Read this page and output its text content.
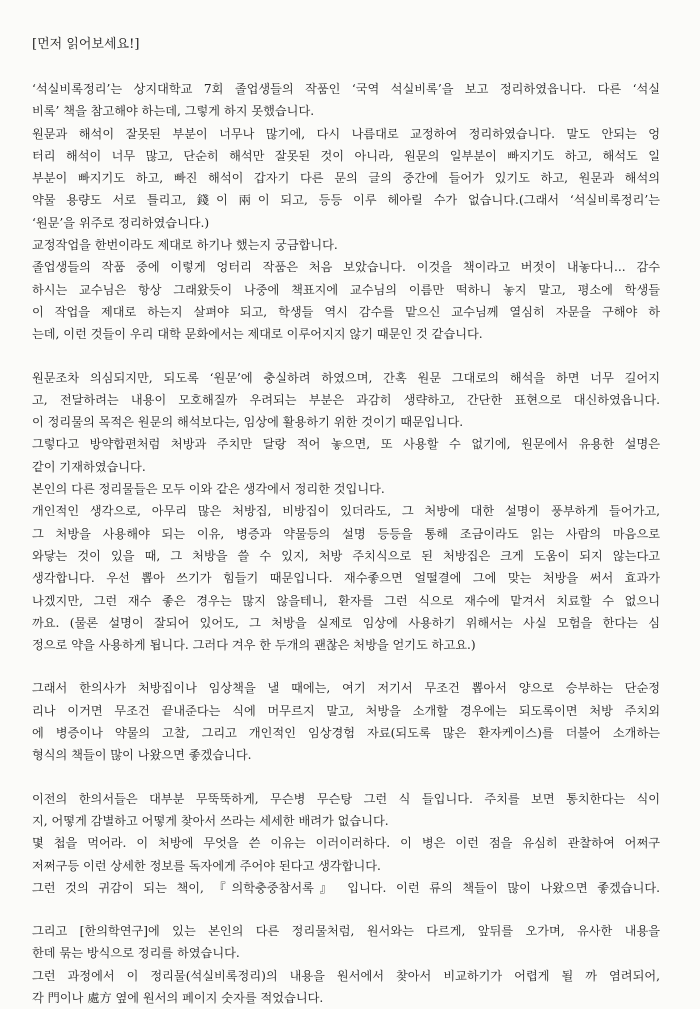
[먼저 읽어보세요!]
‘석실비록정리’는 상지대학교 7회 졸업생들의 작품인 ‘국역 석실비록’을 보고 정리하였읍니다. 다른 ‘석실
비록’ 책을 참고해야 하는데, 그렇게 하지 못했습니다.
원문과 해석이 잘못된 부분이 너무나 많기에, 다시 나름대로 교정하여 정리하였습니다. 말도 안되는 엉
터리 해석이 너무 많고, 단순히 해석만 잘못된 것이 아니라, 원문의 일부분이 빠지기도 하고, 해석도 일
부분이 빠지기도 하고, 빠진 해석이 갑자기 다른 문의 글의 중간에 들어가 있기도 하고, 원문과 해석의
약물 용량도 서로 틀리고, 錢이 兩이 되고, 등등 이루 헤아릴 수가 없습니다.(그래서 ‘석실비록정리’는
‘원문’을 위주로 정리하였습니다.)
교정작업을 한번이라도 제대로 하기나 했는지 궁금합니다.
졸업생들의 작품 중에 이렇게 엉터리 작품은 처음 보았습니다. 이것을 책이라고 버젓이 내놓다니... 감수
하시는 교수님은 항상 그래왔듯이 나중에 책표지에 교수님의 이름만 떡하니 놓지 말고, 평소에 학생들
이 작업을 제대로 하는지 살펴야 되고, 학생들 역시 감수를 맡으신 교수님께 열심히 자문을 구해야 하
는데, 이런 것들이 우리 대학 문화에서는 제대로 이루어지지 않기 때문인 것 같습니다.
원문조차 의심되지만, 되도록 ‘원문’에 충실하려 하였으며, 간혹 원문 그대로의 해석을 하면 너무 길어지
고, 전달하려는 내용이 모호해질까 우려되는 부분은 과감히 생략하고, 간단한 표현으로 대신하였읍니다.
이 정리물의 목적은 원문의 해석보다는, 임상에 활용하기 위한 것이기 때문입니다.
그렇다고 방약합편처럼 처방과 주치만 달랑 적어 놓으면, 또 사용할 수 없기에, 원문에서 유용한 설명은
같이 기재하였습니다.
본인의 다른 정리물들은 모두 이와 같은 생각에서 정리한 것입니다.
개인적인 생각으로, 아무리 많은 처방집, 비방집이 있더라도, 그 처방에 대한 설명이 풍부하게 들어가고,
그 처방을 사용해야 되는 이유, 병증과 약물등의 설명 등등을 통해 조금이라도 읽는 사람의 마음으로
와닿는 것이 있을 때, 그 처방을 쓸 수 있지, 처방 주치식으로 된 처방집은 크게 도움이 되지 않는다고
생각합니다. 우선 뽑아 쓰기가 힘들기 때문입니다. 재수좋으면 얼떨결에 그에 맞는 처방을 써서 효과가
나겠지만, 그런 재수 좋은 경우는 많지 않을테니, 환자를 그런 식으로 재수에 맡겨서 치료할 수 없으니
까요. (물론 설명이 잘되어 있어도, 그 처방을 실제로 임상에 사용하기 위해서는 사실 모험을 한다는 심
정으로 약을 사용하게 됩니다. 그러다 겨우 한 두개의 괜찮은 처방을 얻기도 하고요.)
그래서 한의사가 처방집이나 임상책을 낼 때에는, 여기 저기서 무조건 뽑아서 양으로 승부하는 단순정
리나 이거면 무조건 끝내준다는 식에 머무르지 말고, 처방을 소개할 경우에는 되도록이면 처방 주치외
에 병증이나 약물의 고찰, 그리고 개인적인 임상경험 자료(되도록 많은 환자케이스)를 더불어 소개하는
형식의 책들이 많이 나왔으면 좋겠습니다.
이전의 한의서들은 대부분 무뚝뚝하게, 무슨병 무슨탕 그런 식 들입니다. 주치를 보면 통치한다는 식이
지, 어떻게 감별하고 어떻게 찾아서 쓰라는 세세한 배려가 없습니다.
몇 첩을 먹어라. 이 처방에 무엇을 쓴 이유는 이러이러하다. 이 병은 이런 점을 유심히 관찰하여 어쩌구
저쩌구등 이런 상세한 정보를 독자에게 주어야 된다고 생각합니다.
그런 것의 귀감이 되는 책이, 『의학충중참서록』 입니다. 이런 류의 책들이 많이 나왔으면 좋겠습니다.
그리고 [한의학연구]에 있는 본인의 다른 정리물처럼, 원서와는 다르게, 앞뒤를 오가며, 유사한 내용을
한데 묶는 방식으로 정리를 하였습니다.
그런 과정에서 이 정리물(석실비록정리)의 내용을 원서에서 찾아서 비교하기가 어렵게 될 까 염려되어,
각 門이나 處方 옆에 원서의 페이지 숫자를 적었습니다.
